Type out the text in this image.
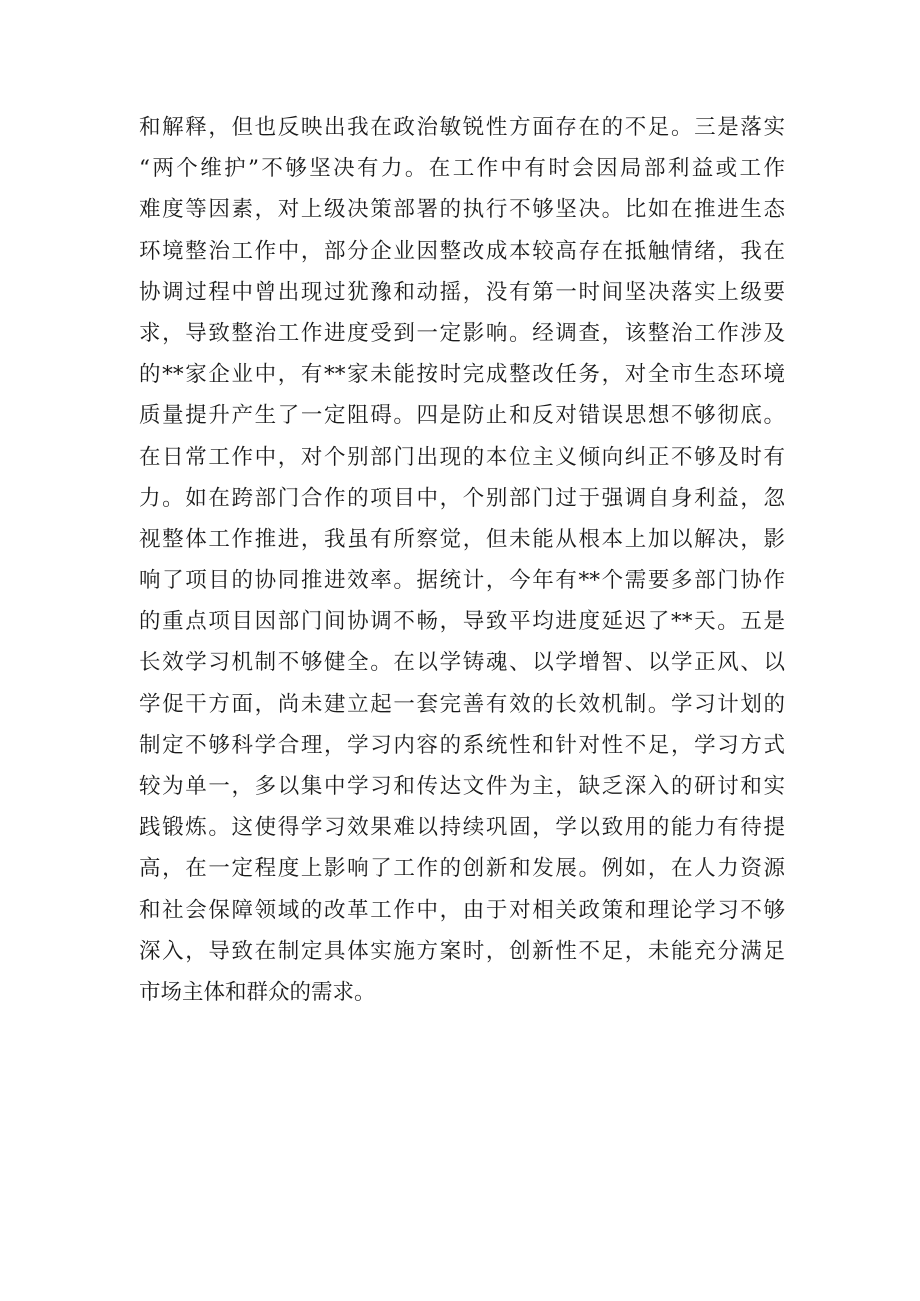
和解释，但也反映出我在政治敏锐性方面存在的不足。三是落实
“两个维护”不够坚决有力。在工作中有时会因局部利益或工作
难度等因素，对上级决策部署的执行不够坚决。比如在推进生态
环境整治工作中，部分企业因整改成本较高存在抵触情绪，我在
协调过程中曾出现过犹豫和动摇，没有第一时间坚决落实上级要
求，导致整治工作进度受到一定影响。经调查，该整治工作涉及
的**家企业中，有**家未能按时完成整改任务，对全市生态环境
质量提升产生了一定阻碍。四是防止和反对错误思想不够彻底。
在日常工作中，对个别部门出现的本位主义倾向纠正不够及时有
力。如在跨部门合作的项目中，个别部门过于强调自身利益，忽
视整体工作推进，我虽有所察觉，但未能从根本上加以解决，影
响了项目的协同推进效率。据统计，今年有**个需要多部门协作
的重点项目因部门间协调不畅，导致平均进度延迟了**天。五是
长效学习机制不够健全。在以学铸魂、以学增智、以学正风、以
学促干方面，尚未建立起一套完善有效的长效机制。学习计划的
制定不够科学合理，学习内容的系统性和针对性不足，学习方式
较为单一，多以集中学习和传达文件为主，缺乏深入的研讨和实
践锻炼。这使得学习效果难以持续巩固，学以致用的能力有待提
高，在一定程度上影响了工作的创新和发展。例如，在人力资源
和社会保障领域的改革工作中，由于对相关政策和理论学习不够
深入，导致在制定具体实施方案时，创新性不足，未能充分满足
市场主体和群众的需求。
